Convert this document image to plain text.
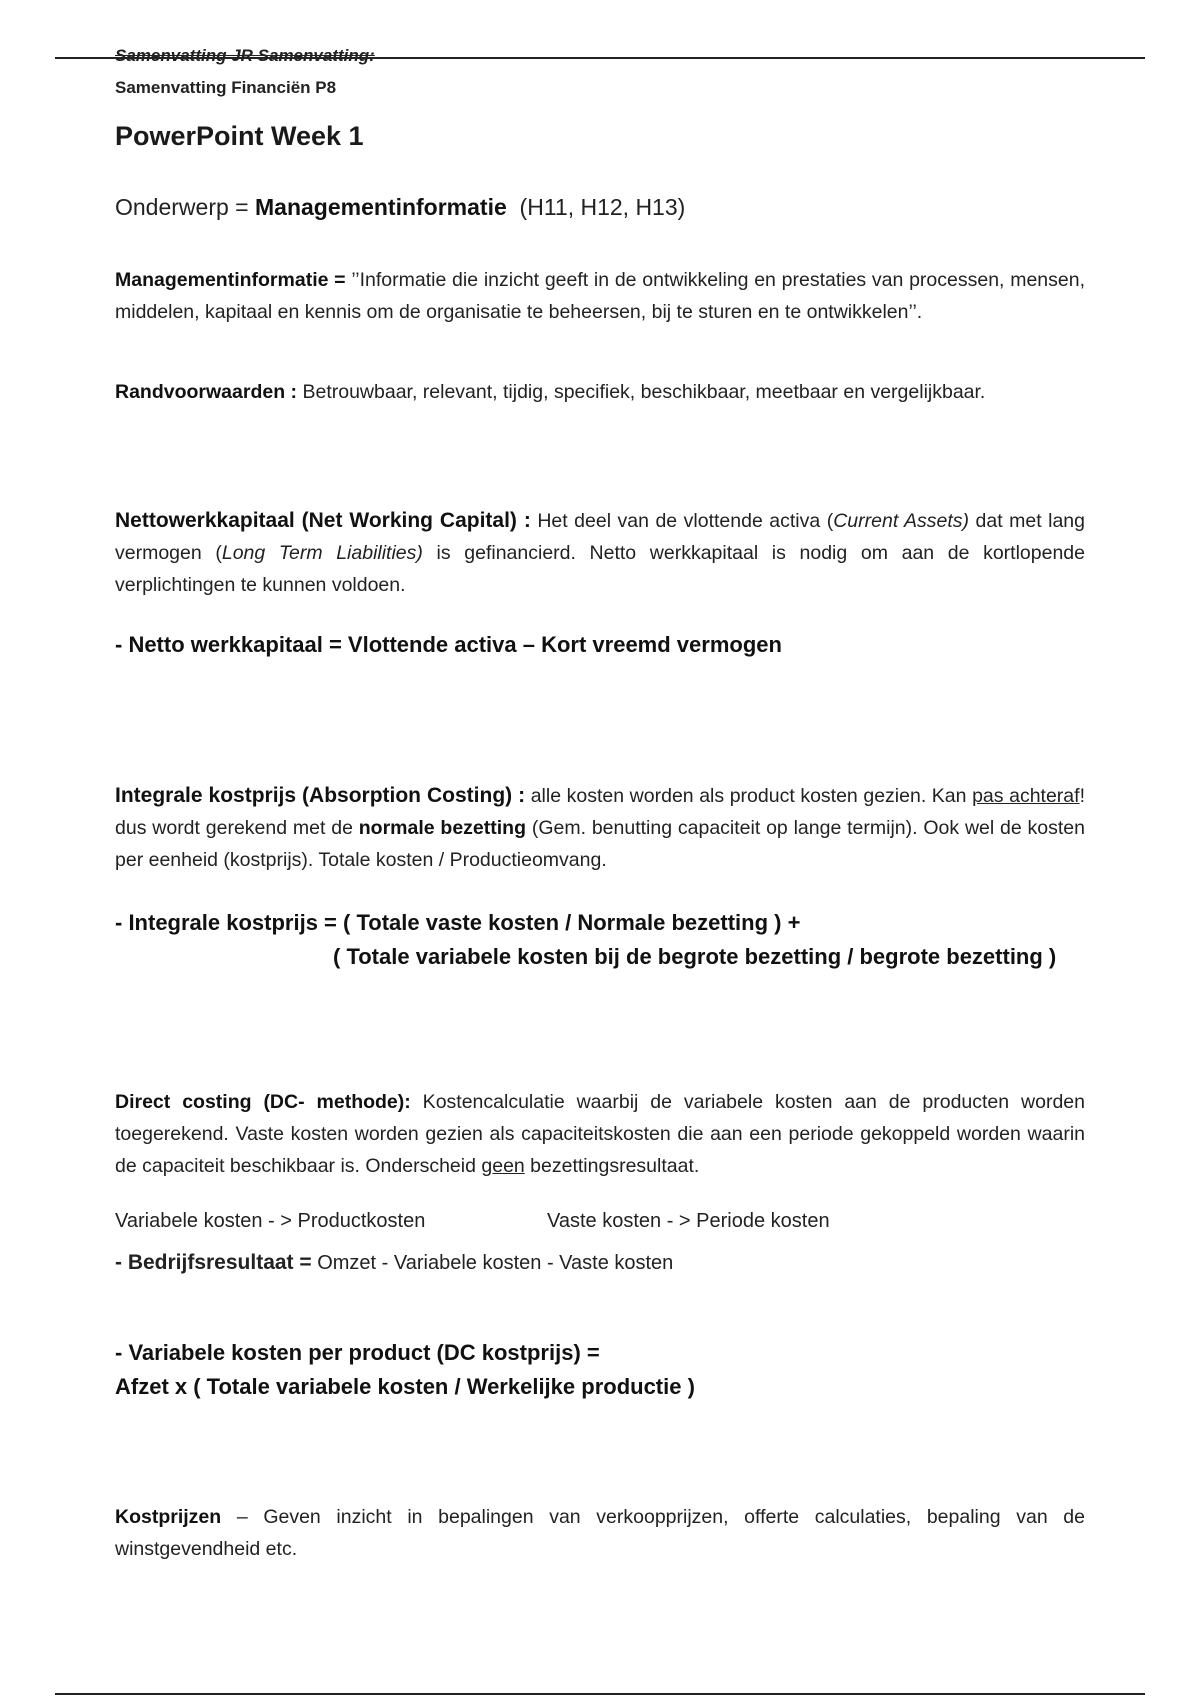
Samenvatting JR Samenvatting:
Samenvatting Financiën P8
PowerPoint Week 1
Onderwerp = Managementinformatie (H11, H12, H13)
Managementinformatie = ’’Informatie die inzicht geeft in de ontwikkeling en prestaties van processen, mensen, middelen, kapitaal en kennis om de organisatie te beheersen, bij te sturen en te ontwikkelen’’.
Randvoorwaarden : Betrouwbaar, relevant, tijdig, specifiek, beschikbaar, meetbaar en vergelijkbaar.
Nettowerkkapitaal (Net Working Capital) : Het deel van de vlottende activa (Current Assets) dat met lang vermogen (Long Term Liabilities) is gefinancierd. Netto werkkapitaal is nodig om aan de kortlopende verplichtingen te kunnen voldoen.
- Netto werkkapitaal = Vlottende activa – Kort vreemd vermogen
Integrale kostprijs (Absorption Costing) : alle kosten worden als product kosten gezien. Kan pas achteraf! dus wordt gerekend met de normale bezetting (Gem. benutting capaciteit op lange termijn). Ook wel de kosten per eenheid (kostprijs). Totale kosten / Productieomvang.
- Integrale kostprijs = ( Totale vaste kosten / Normale bezetting ) +
( Totale variabele kosten bij de begrote bezetting / begrote bezetting )
Direct costing (DC- methode): Kostencalculatie waarbij de variabele kosten aan de producten worden toegerekend. Vaste kosten worden gezien als capaciteitskosten die aan een periode gekoppeld worden waarin de capaciteit beschikbaar is. Onderscheid geen bezettingsresultaat.
Variabele kosten - > Productkosten	Vaste kosten - > Periode kosten
- Bedrijfsresultaat = Omzet - Variabele kosten - Vaste kosten
- Variabele kosten per product (DC kostprijs) =
Afzet x ( Totale variabele kosten / Werkelijke productie )
Kostprijzen – Geven inzicht in bepalingen van verkoopprijzen, offerte calculaties, bepaling van de winstgevendheid etc.
